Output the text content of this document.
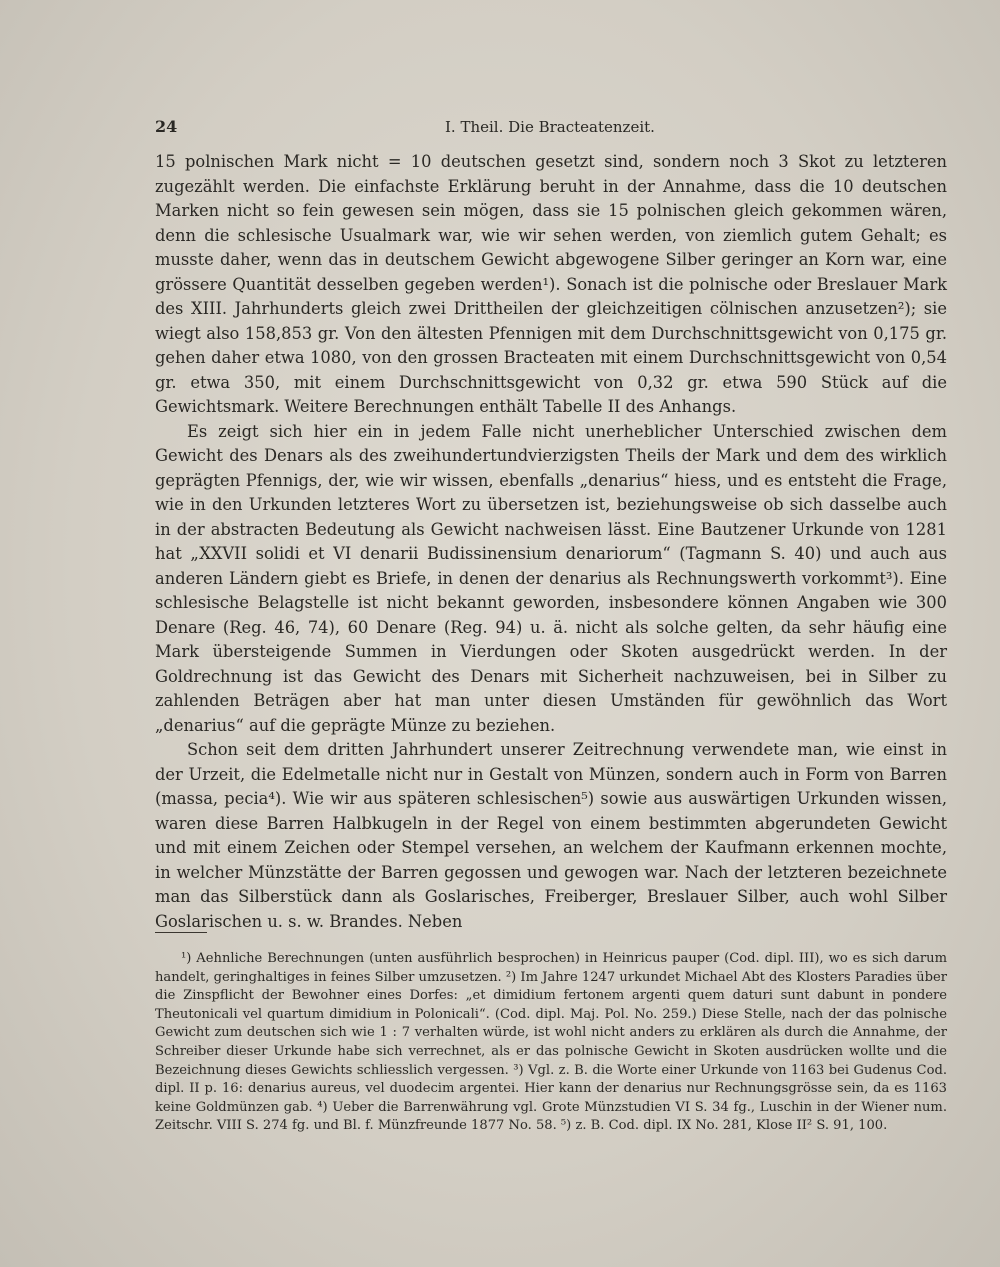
24	I. Theil. Die Bracteatenzeit.

15 polnischen Mark nicht = 10 deutschen gesetzt sind, sondern noch 3 Skot zu letzteren zugezählt werden. Die einfachste Erklärung beruht in der Annahme, dass die 10 deutschen Marken nicht so fein gewesen sein mögen, dass sie 15 polnischen gleich gekommen wären, denn die schlesische Usualmark war, wie wir sehen werden, von ziemlich gutem Gehalt; es musste daher, wenn das in deutschem Gewicht abgewogene Silber geringer an Korn war, eine grössere Quantität desselben gegeben werden¹). Sonach ist die polnische oder Breslauer Mark des XIII. Jahrhunderts gleich zwei Drittheilen der gleichzeitigen cölnischen anzusetzen²); sie wiegt also 158,853 gr. Von den ältesten Pfennigen mit dem Durchschnittsgewicht von 0,175 gr. gehen daher etwa 1080, von den grossen Bracteaten mit einem Durchschnittsgewicht von 0,54 gr. etwa 350, mit einem Durchschnittsgewicht von 0,32 gr. etwa 590 Stück auf die Gewichtsmark. Weitere Berechnungen enthält Tabelle II des Anhangs.

Es zeigt sich hier ein in jedem Falle nicht unerheblicher Unterschied zwischen dem Gewicht des Denars als des zweihundertundvierzigsten Theils der Mark und dem des wirklich geprägten Pfennigs, der, wie wir wissen, ebenfalls „denarius“ hiess, und es entsteht die Frage, wie in den Urkunden letzteres Wort zu übersetzen ist, beziehungsweise ob sich dasselbe auch in der abstracten Bedeutung als Gewicht nachweisen lässt. Eine Bautzener Urkunde von 1281 hat „XXVII solidi et VI denarii Budissinensium denariorum“ (Tagmann S. 40) und auch aus anderen Ländern giebt es Briefe, in denen der denarius als Rechnungswerth vorkommt³). Eine schlesische Belagstelle ist nicht bekannt geworden, insbesondere können Angaben wie 300 Denare (Reg. 46, 74), 60 Denare (Reg. 94) u. ä. nicht als solche gelten, da sehr häufig eine Mark übersteigende Summen in Vierdungen oder Skoten ausgedrückt werden. In der Goldrechnung ist das Gewicht des Denars mit Sicherheit nachzuweisen, bei in Silber zu zahlenden Beträgen aber hat man unter diesen Umständen für gewöhnlich das Wort „denarius“ auf die geprägte Münze zu beziehen.

Schon seit dem dritten Jahrhundert unserer Zeitrechnung verwendete man, wie einst in der Urzeit, die Edelmetalle nicht nur in Gestalt von Münzen, sondern auch in Form von Barren (massa, pecia⁴). Wie wir aus späteren schlesischen⁵) sowie aus auswärtigen Urkunden wissen, waren diese Barren Halbkugeln in der Regel von einem bestimmten abgerundeten Gewicht und mit einem Zeichen oder Stempel versehen, an welchem der Kaufmann erkennen mochte, in welcher Münzstätte der Barren gegossen und gewogen war. Nach der letzteren bezeichnete man das Silberstück dann als Goslarisches, Freiberger, Breslauer Silber, auch wohl Silber Goslarischen u. s. w. Brandes. Neben

¹) Aehnliche Berechnungen (unten ausführlich besprochen) in Heinricus pauper (Cod. dipl. III), wo es sich darum handelt, geringhaltiges in feines Silber umzusetzen. ²) Im Jahre 1247 urkundet Michael Abt des Klosters Paradies über die Zinspflicht der Bewohner eines Dorfes: „et dimidium fertonem argenti quem daturi sunt dabunt in pondere Theutonicali vel quartum dimidium in Polonicali“. (Cod. dipl. Maj. Pol. No. 259.) Diese Stelle, nach der das polnische Gewicht zum deutschen sich wie 1 : 7 verhalten würde, ist wohl nicht anders zu erklären als durch die Annahme, der Schreiber dieser Urkunde habe sich verrechnet, als er das polnische Gewicht in Skoten ausdrücken wollte und die Bezeichnung dieses Gewichts schliesslich vergessen. ³) Vgl. z. B. die Worte einer Urkunde von 1163 bei Gudenus Cod. dipl. II p. 16: denarius aureus, vel duodecim argentei. Hier kann der denarius nur Rechnungsgrösse sein, da es 1163 keine Goldmünzen gab. ⁴) Ueber die Barrenwährung vgl. Grote Münzstudien VI S. 34 fg., Luschin in der Wiener num. Zeitschr. VIII S. 274 fg. und Bl. f. Münzfreunde 1877 No. 58. ⁵) z. B. Cod. dipl. IX No. 281, Klose II² S. 91, 100.
